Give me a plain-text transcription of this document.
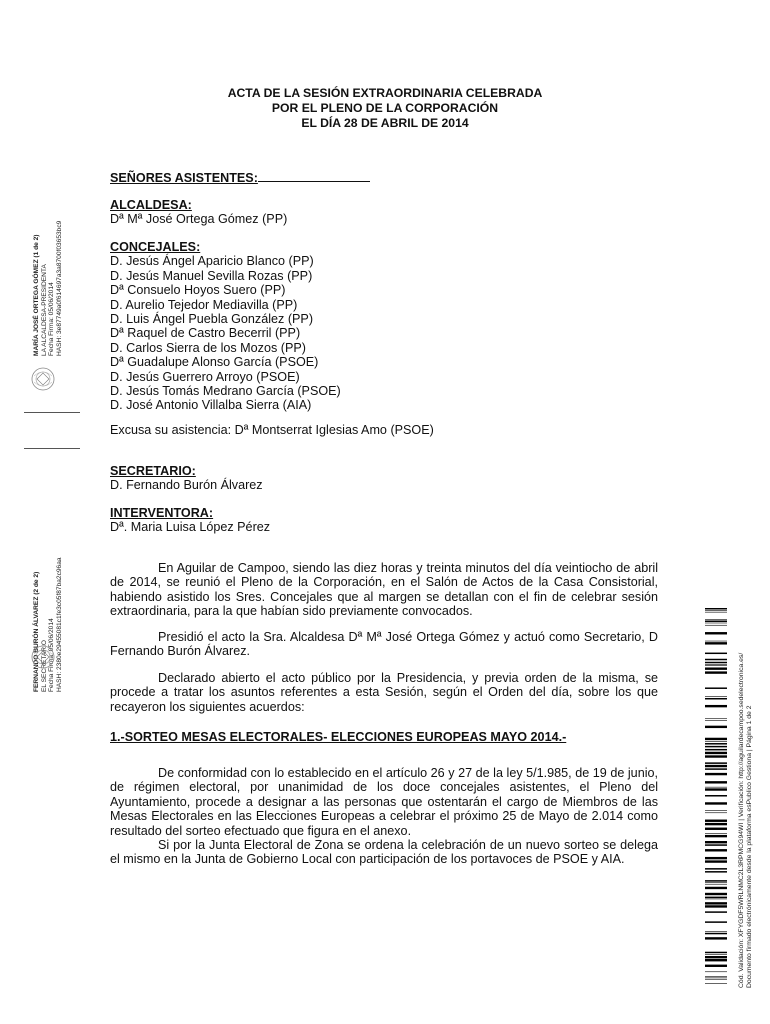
MARÍA JOSÉ ORTEGA GÓMEZ (1 de 2) LA ALCALDESA-PRESIDENTA Fecha Firma: 05/06/2014 HASH: 3e87749a0f614697a3a8700f03653bc9
FERNANDO BURÓN ÁLVAREZ (2 de 2) EL SECRETARIO Fecha Firma: 05/06/2014 HASH: 2380e29455081c1fe3c05f87ba2c96aa
ACTA DE LA SESIÓN EXTRAORDINARIA CELEBRADA
POR EL PLENO DE LA CORPORACIÓN
EL DÍA 28 DE ABRIL DE 2014
SEÑORES ASISTENTES:
ALCALDESA:
Dª Mª José Ortega Gómez (PP)
CONCEJALES:
D. Jesús Ángel Aparicio Blanco (PP)
D. Jesús Manuel Sevilla Rozas (PP)
Dª Consuelo Hoyos Suero (PP)
D. Aurelio Tejedor Mediavilla (PP)
D. Luis Ángel Puebla González (PP)
Dª Raquel de Castro Becerril (PP)
D. Carlos Sierra de los Mozos (PP)
Dª Guadalupe Alonso García (PSOE)
D. Jesús Guerrero Arroyo (PSOE)
D. Jesús Tomás Medrano García (PSOE)
D. José Antonio Villalba Sierra (AIA)
Excusa su asistencia: Dª Montserrat Iglesias Amo (PSOE)
SECRETARIO:
D. Fernando Burón Álvarez
INTERVENTORA:
Dª. Maria Luisa López Pérez

En Aguilar de Campoo, siendo las diez horas y treinta minutos del día veintiocho de abril de 2014, se reunió el Pleno de la Corporación, en el Salón de Actos de la Casa Consistorial, habiendo asistido los Sres. Concejales que al margen se detallan con el fin de celebrar sesión extraordinaria, para la que habían sido previamente convocados.

Presidió el acto la Sra. Alcaldesa Dª Mª José Ortega Gómez y actuó como Secretario, D Fernando Burón Álvarez.

Declarado abierto el acto público por la Presidencia, y previa orden de la misma, se procede a tratar los asuntos referentes a esta Sesión, según el Orden del día, sobre los que recayeron los siguientes acuerdos:

1.-SORTEO MESAS ELECTORALES- ELECCIONES EUROPEAS MAYO 2014.-

De conformidad con lo establecido en el artículo 26 y 27 de la ley 5/1.985, de 19 de junio, de régimen electoral, por unanimidad de los doce concejales asistentes, el Pleno del Ayuntamiento, procede a designar a las personas que ostentarán el cargo de Miembros de las Mesas Electorales en las Elecciones Europeas a celebrar el próximo 25 de Mayo de 2.014 como resultado del sorteo efectuado que figura en el anexo.

Si por la Junta Electoral de Zona se ordena la celebración de un nuevo sorteo se delega el mismo en la Junta de Gobierno Local con participación de los portavoces de PSOE y AIA.	Cód. Validación: XFYGDF5WRLNMC2L3RPMCG94WI | Verificación: http://aguilardecampoo.sedelectronica.es/ Documento firmado electrónicamente desde la plataforma esPublico Gestiona | Página 1 de 2
